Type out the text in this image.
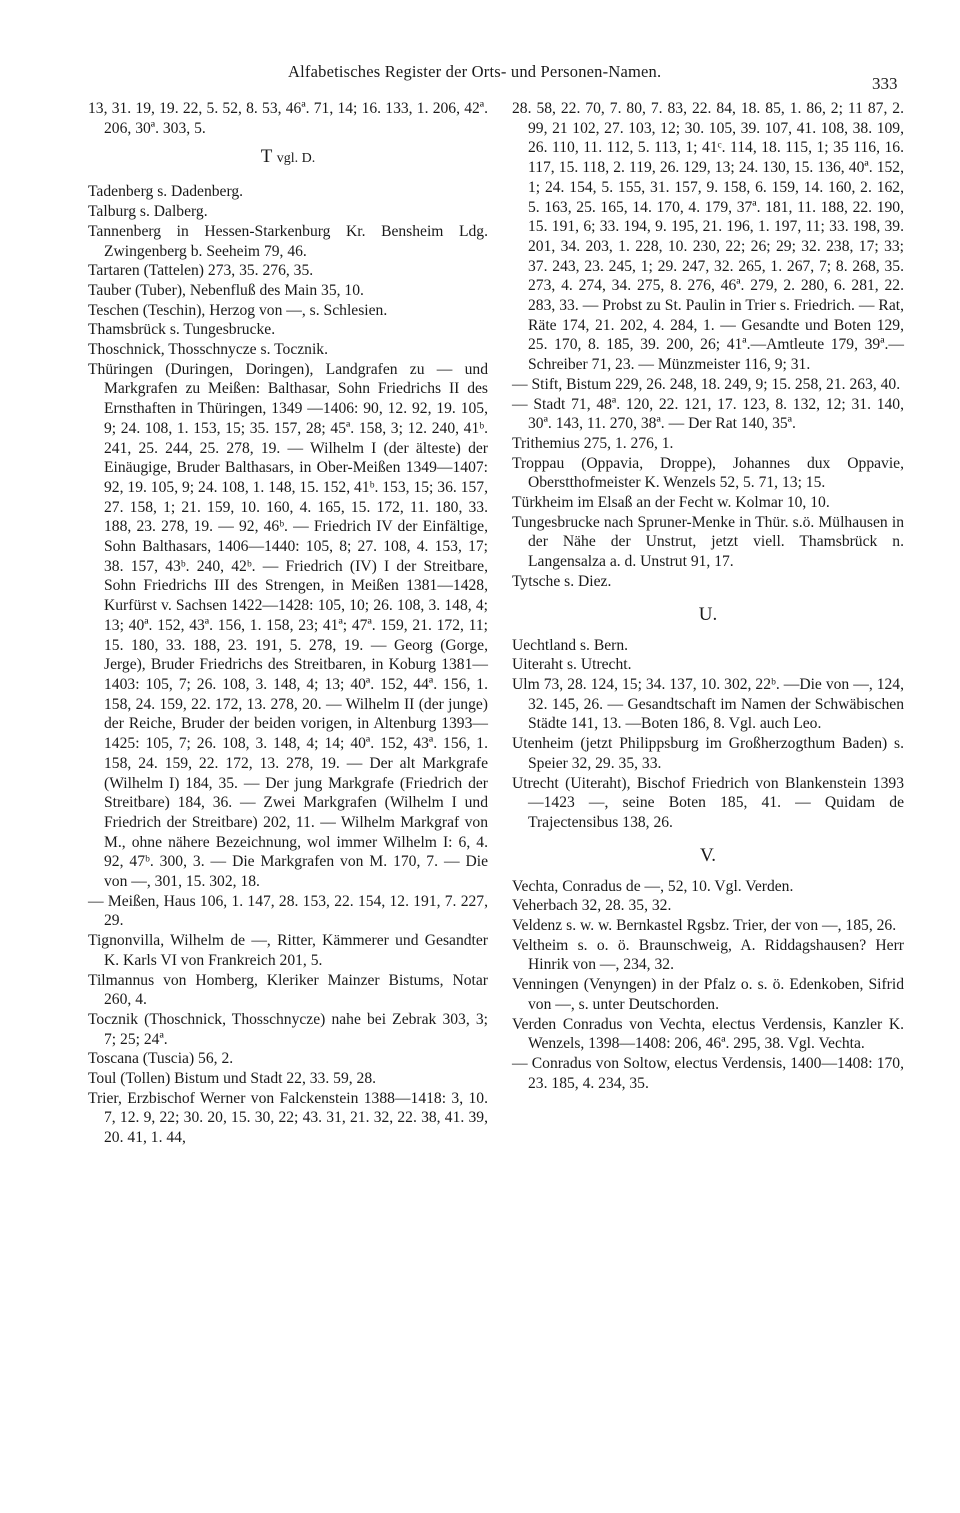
Alfabetisches Register der Orts- und Personen-Namen.
333

13, 31. 19, 19. 22, 5. 52, 8. 53, 46ª. 71, 14; 16. 133, 1. 206, 42ª. 206, 30ª. 303, 5.

T vgl. D.

Tadenberg s. Dadenberg.

Talburg s. Dalberg.

Tannenberg in Hessen-Starkenburg Kr. Bensheim Ldg. Zwingenberg b. Seeheim 79, 46.

Tartaren (Tattelen) 273, 35. 276, 35.

Tauber (Tuber), Nebenfluß des Main 35, 10.

Teschen (Teschin), Herzog von —, s. Schlesien.

Thamsbrück s. Tungesbrucke.

Thoschnick, Thosschnycze s. Tocznik.

Thüringen (Duringen, Doringen), Landgrafen zu — und Markgrafen zu Meißen: Balthasar, Sohn Friedrichs II des Ernsthaften in Thüringen, 1349 —1406: 90, 12. 92, 19. 105, 9; 24. 108, 1. 153, 15; 35. 157, 28; 45ª. 158, 3; 12. 240, 41ᵇ. 241, 25. 244, 25. 278, 19. — Wilhelm I (der älteste) der Einäugige, Bruder Balthasars, in Ober-Meißen 1349—1407: 92, 19. 105, 9; 24. 108, 1. 148, 15. 152, 41ᵇ. 153, 15; 36. 157, 27. 158, 1; 21. 159, 10. 160, 4. 165, 15. 172, 11. 180, 33. 188, 23. 278, 19. — 92, 46ᵇ. — Friedrich IV der Einfältige, Sohn Balthasars, 1406—1440: 105, 8; 27. 108, 4. 153, 17; 38. 157, 43ᵇ. 240, 42ᵇ. — Friedrich (IV) I der Streitbare, Sohn Friedrichs III des Strengen, in Meißen 1381—1428, Kurfürst v. Sachsen 1422—1428: 105, 10; 26. 108, 3. 148, 4; 13; 40ª. 152, 43ª. 156, 1. 158, 23; 41ª; 47ª. 159, 21. 172, 11; 15. 180, 33. 188, 23. 191, 5. 278, 19. — Georg (Gorge, Jerge), Bruder Friedrichs des Streitbaren, in Koburg 1381—1403: 105, 7; 26. 108, 3. 148, 4; 13; 40ª. 152, 44ª. 156, 1. 158, 24. 159, 22. 172, 13. 278, 20. — Wilhelm II (der junge) der Reiche, Bruder der beiden vorigen, in Altenburg 1393—1425: 105, 7; 26. 108, 3. 148, 4; 14; 40ª. 152, 43ª. 156, 1. 158, 24. 159, 22. 172, 13. 278, 19. — Der alt Markgrafe (Wilhelm I) 184, 35. — Der jung Markgrafe (Friedrich der Streitbare) 184, 36. — Zwei Markgrafen (Wilhelm I und Friedrich der Streitbare) 202, 11. — Wilhelm Markgraf von M., ohne nähere Bezeichnung, wol immer Wilhelm I: 6, 4. 92, 47ᵇ. 300, 3. — Die Markgrafen von M. 170, 7. — Die von —, 301, 15. 302, 18.

— Meißen, Haus 106, 1. 147, 28. 153, 22. 154, 12. 191, 7. 227, 29.

Tignonvilla, Wilhelm de —, Ritter, Kämmerer und Gesandter K. Karls VI von Frankreich 201, 5.

Tilmannus von Homberg, Kleriker Mainzer Bistums, Notar 260, 4.

Tocznik (Thoschnick, Thosschnycze) nahe bei Zebrak 303, 3; 7; 25; 24ª.

Toscana (Tuscia) 56, 2.

Toul (Tollen) Bistum und Stadt 22, 33. 59, 28.

Trier, Erzbischof Werner von Falckenstein 1388—1418: 3, 10. 7, 12. 9, 22; 30. 20, 15. 30, 22; 43. 31, 21. 32, 22. 38, 41. 39, 20. 41, 1. 44,

28. 58, 22. 70, 7. 80, 7. 83, 22. 84, 18. 85, 1. 86, 2; 11 87, 2. 99, 21 102, 27. 103, 12; 30. 105, 39. 107, 41. 108, 38. 109, 26. 110, 11. 112, 5. 113, 1; 41ᶜ. 114, 18. 115, 1; 35 116, 16. 117, 15. 118, 2. 119, 26. 129, 13; 24. 130, 15. 136, 40ª. 152, 1; 24. 154, 5. 155, 31. 157, 9. 158, 6. 159, 14. 160, 2. 162, 5. 163, 25. 165, 14. 170, 4. 179, 37ª. 181, 11. 188, 22. 190, 15. 191, 6; 33. 194, 9. 195, 21. 196, 1. 197, 11; 33. 198, 39. 201, 34. 203, 1. 228, 10. 230, 22; 26; 29; 32. 238, 17; 33; 37. 243, 23. 245, 1; 29. 247, 32. 265, 1. 267, 7; 8. 268, 35. 273, 4. 274, 34. 275, 8. 276, 46ª. 279, 2. 280, 6. 281, 22. 283, 33. — Probst zu St. Paulin in Trier s. Friedrich. — Rat, Räte 174, 21. 202, 4. 284, 1. — Gesandte und Boten 129, 25. 170, 8. 185, 39. 200, 26; 41ª.—Amtleute 179, 39ª.—Schreiber 71, 23. — Münzmeister 116, 9; 31.

— Stift, Bistum 229, 26. 248, 18. 249, 9; 15. 258, 21. 263, 40.

— Stadt 71, 48ª. 120, 22. 121, 17. 123, 8. 132, 12; 31. 140, 30ª. 143, 11. 270, 38ª. — Der Rat 140, 35ª.

Trithemius 275, 1. 276, 1.

Troppau (Oppavia, Droppe), Johannes dux Oppavie, Oberstthofmeister K. Wenzels 52, 5. 71, 13; 15.

Türkheim im Elsaß an der Fecht w. Kolmar 10, 10.

Tungesbrucke nach Spruner-Menke in Thür. s.ö. Mülhausen in der Nähe der Unstrut, jetzt viell. Thamsbrück n. Langensalza a. d. Unstrut 91, 17.

Tytsche s. Diez.

U.

Uechtland s. Bern.

Uiteraht s. Utrecht.

Ulm 73, 28. 124, 15; 34. 137, 10. 302, 22ᵇ. —Die von —, 124, 32. 145, 26. — Gesandtschaft im Namen der Schwäbischen Städte 141, 13. —Boten 186, 8. Vgl. auch Leo.

Utenheim (jetzt Philippsburg im Großherzogthum Baden) s. Speier 32, 29. 35, 33.

Utrecht (Uiteraht), Bischof Friedrich von Blankenstein 1393—1423 —, seine Boten 185, 41. — Quidam de Trajectensibus 138, 26.

V.

Vechta, Conradus de —, 52, 10. Vgl. Verden.

Veherbach 32, 28. 35, 32.

Veldenz s. w. w. Bernkastel Rgsbz. Trier, der von —, 185, 26.

Veltheim s. o. ö. Braunschweig, A. Riddagshausen? Herr Hinrik von —, 234, 32.

Venningen (Venyngen) in der Pfalz o. s. ö. Edenkoben, Sifrid von —, s. unter Deutschorden.

Verden Conradus von Vechta, electus Verdensis, Kanzler K. Wenzels, 1398—1408: 206, 46ª. 295, 38. Vgl. Vechta.

— Conradus von Soltow, electus Verdensis, 1400—1408: 170, 23. 185, 4. 234, 35.
